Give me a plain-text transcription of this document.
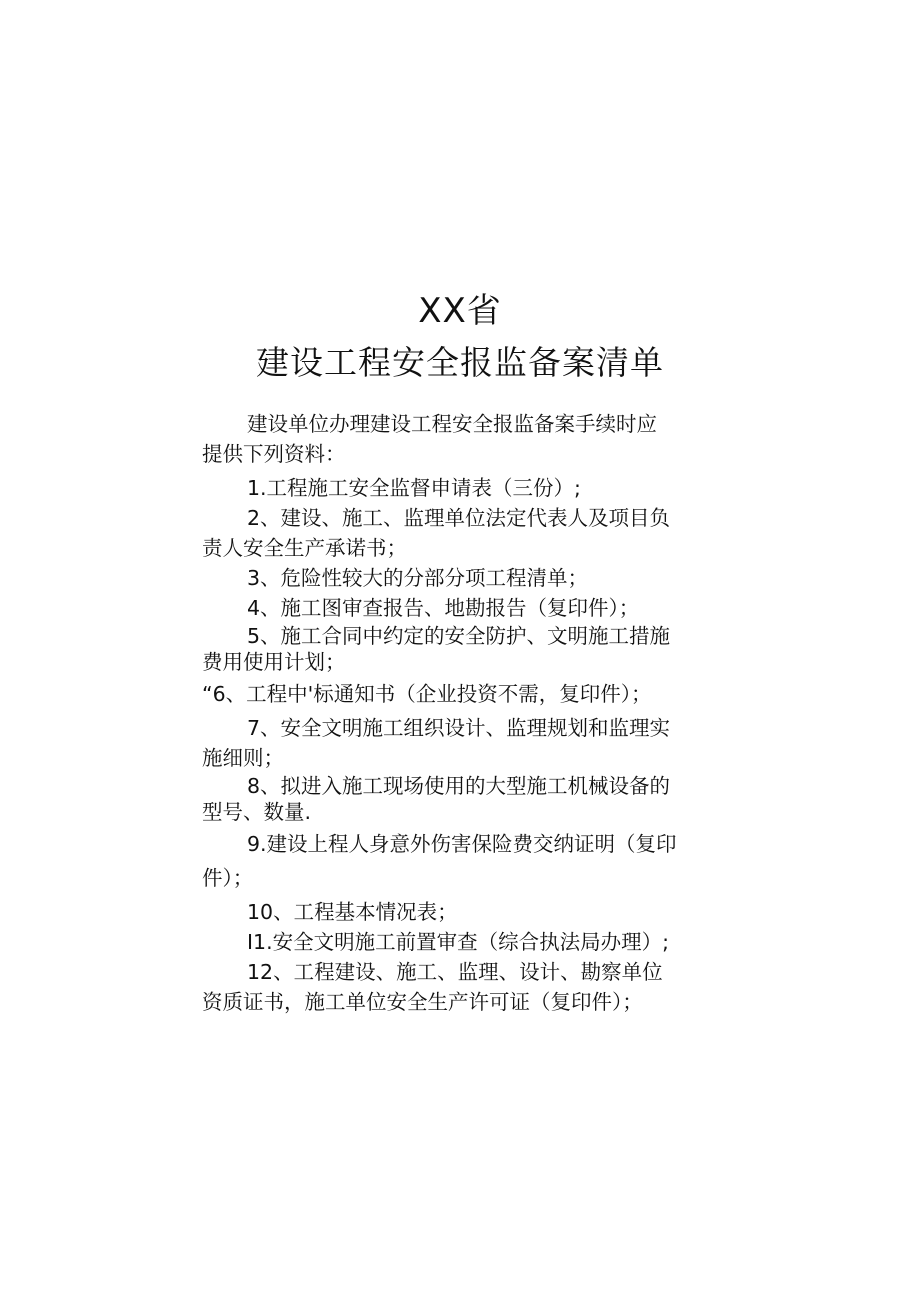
XX省
建设工程安全报监备案清单
建设单位办理建设工程安全报监备案手续时应
提供下列资料：
1.工程施工安全监督申请表（三份）;
2、建设、施工、监理单位法定代表人及项目负
责人安全生产承诺书；
3、危险性较大的分部分项工程清单；
4、施工图审查报告、地勘报告（复印件）；
5、施工合同中约定的安全防护、文明施工措施
费用使用计划；
“6、工程中'标通知书（企业投资不需，复印件）；
7、安全文明施工组织设计、监理规划和监理实
施细则；
8、拟进入施工现场使用的大型施工机械设备的
型号、数量.
9.建设上程人身意外伤害保险费交纳证明（复印
件）；
10、工程基本情况表；
I1.安全文明施工前置审查（综合执法局办理）;
12、工程建设、施工、监理、设计、勘察单位
资质证书，施工单位安全生产许可证（复印件）；
